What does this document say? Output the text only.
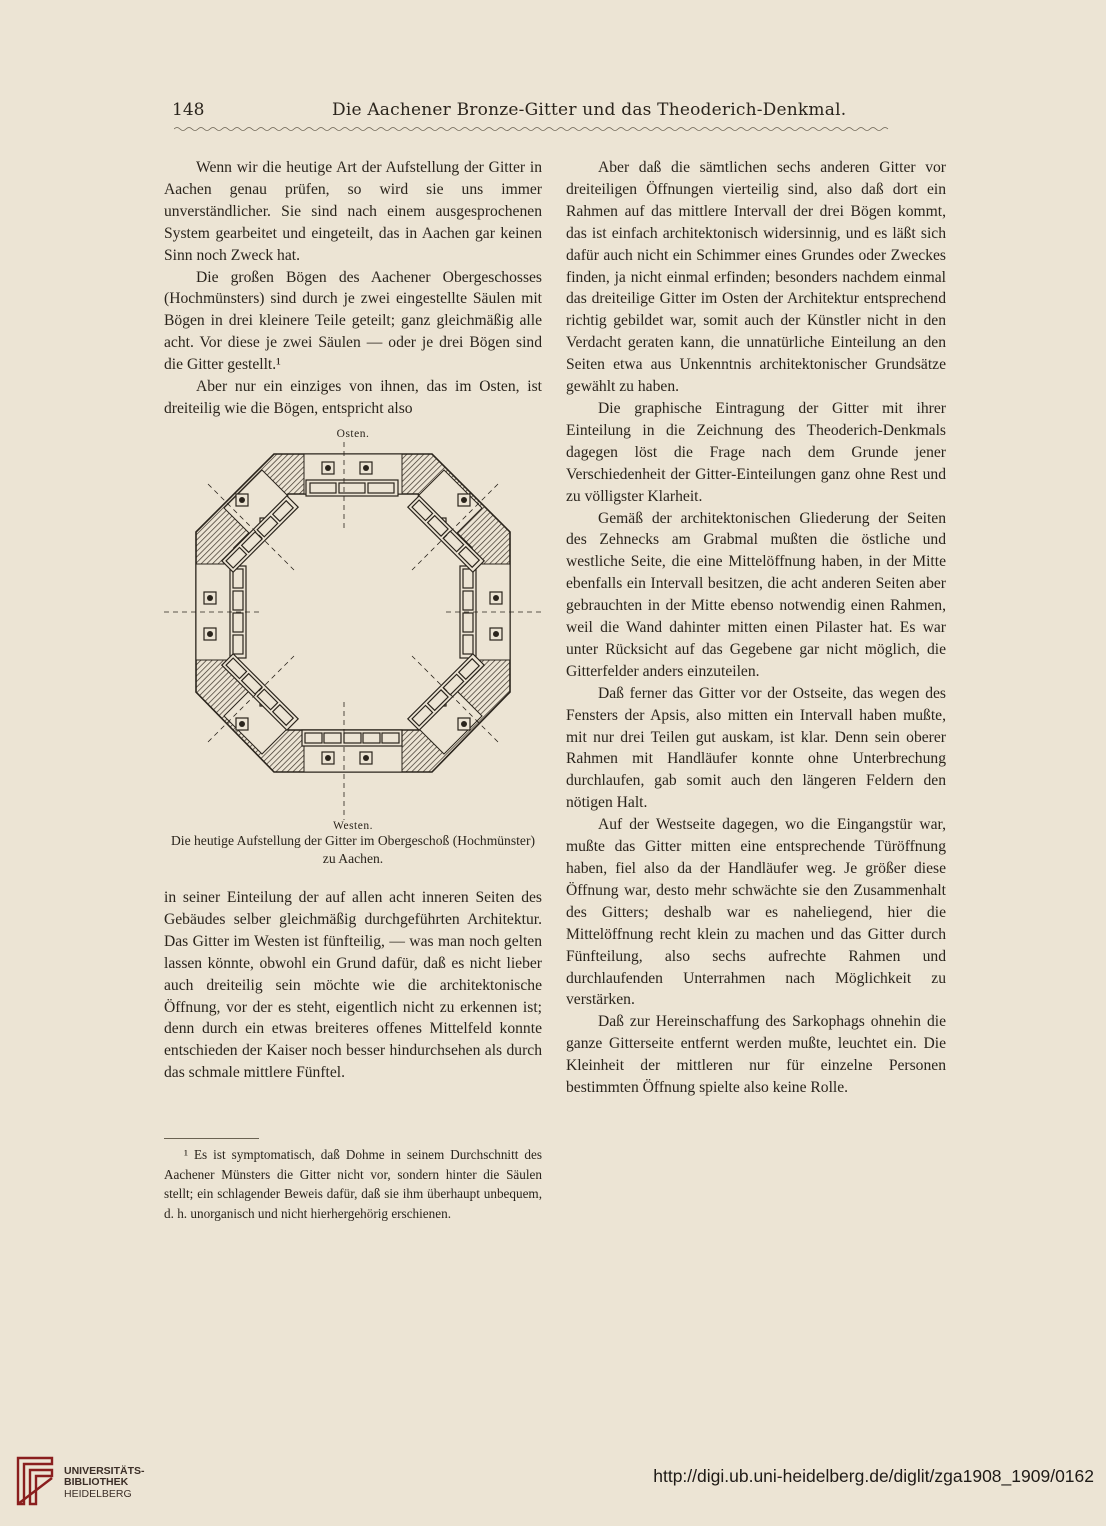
148	Die Aachener Bronze-Gitter und das Theoderich-Denkmal.

Wenn wir die heutige Art der Aufstellung der Gitter in Aachen genau prüfen, so wird sie uns immer unverständlicher. Sie sind nach einem ausgesprochenen System gearbeitet und eingeteilt, das in Aachen gar keinen Sinn noch Zweck hat.

Die großen Bögen des Aachener Obergeschosses (Hochmünsters) sind durch je zwei eingestellte Säulen mit Bögen in drei kleinere Teile geteilt; ganz gleichmäßig alle acht. Vor diese je zwei Säulen — oder je drei Bögen sind die Gitter gestellt.¹

Aber nur ein einziges von ihnen, das im Osten, ist dreiteilig wie die Bögen, entspricht also

Osten.
Westen.
Die heutige Aufstellung der Gitter im Obergeschoß (Hochmünster) zu Aachen.

in seiner Einteilung der auf allen acht inneren Seiten des Gebäudes selber gleichmäßig durchgeführten Architektur. Das Gitter im Westen ist fünfteilig, — was man noch gelten lassen könnte, obwohl ein Grund dafür, daß es nicht lieber auch dreiteilig sein möchte wie die architektonische Öffnung, vor der es steht, eigentlich nicht zu erkennen ist; denn durch ein etwas breiteres offenes Mittelfeld konnte entschieden der Kaiser noch besser hindurchsehen als durch das schmale mittlere Fünftel.

¹ Es ist symptomatisch, daß Dohme in seinem Durchschnitt des Aachener Münsters die Gitter nicht vor, sondern hinter die Säulen stellt; ein schlagender Beweis dafür, daß sie ihm überhaupt unbequem, d. h. unorganisch und nicht hierhergehörig erschienen.

Aber daß die sämtlichen sechs anderen Gitter vor dreiteiligen Öffnungen vierteilig sind, also daß dort ein Rahmen auf das mittlere Intervall der drei Bögen kommt, das ist einfach architektonisch widersinnig, und es läßt sich dafür auch nicht ein Schimmer eines Grundes oder Zweckes finden, ja nicht einmal erfinden; besonders nachdem einmal das dreiteilige Gitter im Osten der Architektur entsprechend richtig gebildet war, somit auch der Künstler nicht in den Verdacht geraten kann, die unnatürliche Einteilung an den Seiten etwa aus Unkenntnis architektonischer Grundsätze gewählt zu haben.

Die graphische Eintragung der Gitter mit ihrer Einteilung in die Zeichnung des Theoderich-Denkmals dagegen löst die Frage nach dem Grunde jener Verschiedenheit der Gitter-Einteilungen ganz ohne Rest und zu völligster Klarheit.

Gemäß der architektonischen Gliederung der Seiten des Zehnecks am Grabmal mußten die östliche und westliche Seite, die eine Mittelöffnung haben, in der Mitte ebenfalls ein Intervall besitzen, die acht anderen Seiten aber gebrauchten in der Mitte ebenso notwendig einen Rahmen, weil die Wand dahinter mitten einen Pilaster hat. Es war unter Rücksicht auf das Gegebene gar nicht möglich, die Gitterfelder anders einzuteilen.

Daß ferner das Gitter vor der Ostseite, das wegen des Fensters der Apsis, also mitten ein Intervall haben mußte, mit nur drei Teilen gut auskam, ist klar. Denn sein oberer Rahmen mit Handläufer konnte ohne Unterbrechung durchlaufen, gab somit auch den längeren Feldern den nötigen Halt.

Auf der Westseite dagegen, wo die Eingangstür war, mußte das Gitter mitten eine entsprechende Türöffnung haben, fiel also da der Handläufer weg. Je größer diese Öffnung war, desto mehr schwächte sie den Zusammenhalt des Gitters; deshalb war es naheliegend, hier die Mittelöffnung recht klein zu machen und das Gitter durch Fünfteilung, also sechs aufrechte Rahmen und durchlaufenden Unterrahmen nach Möglichkeit zu verstärken.

Daß zur Hereinschaffung des Sarkophags ohnehin die ganze Gitterseite entfernt werden mußte, leuchtet ein. Die Kleinheit der mittleren nur für einzelne Personen bestimmten Öffnung spielte also keine Rolle.

UNIVERSITÄTS-
BIBLIOTHEK
HEIDELBERG
http://digi.ub.uni-heidelberg.de/diglit/zga1908_1909/0162
